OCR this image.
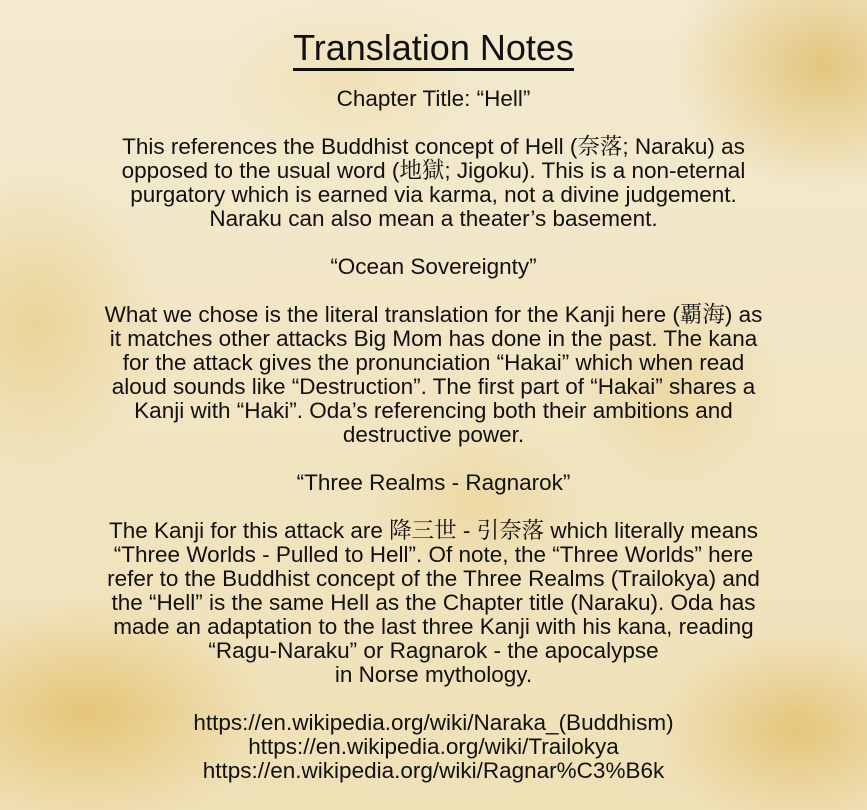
Translation Notes

Chapter Title: “Hell”

This references the Buddhist concept of Hell (奈落; Naraku) as

opposed to the usual word (地獄; Jigoku). This is a non-eternal

purgatory which is earned via karma, not a divine judgement.

Naraku can also mean a theater’s basement.

“Ocean Sovereignty”

What we chose is the literal translation for the Kanji here (覇海) as

it matches other attacks Big Mom has done in the past. The kana

for the attack gives the pronunciation “Hakai” which when read

aloud sounds like “Destruction”. The first part of “Hakai” shares a

Kanji with “Haki”. Oda’s referencing both their ambitions and

destructive power.

“Three Realms - Ragnarok”

The Kanji for this attack are 降三世 - 引奈落 which literally means

“Three Worlds - Pulled to Hell”. Of note, the “Three Worlds” here

refer to the Buddhist concept of the Three Realms (Trailokya) and

the “Hell” is the same Hell as the Chapter title (Naraku). Oda has

made an adaptation to the last three Kanji with his kana, reading

“Ragu-Naraku” or Ragnarok - the apocalypse

in Norse mythology.

https://en.wikipedia.org/wiki/Naraka_(Buddhism)

https://en.wikipedia.org/wiki/Trailokya

https://en.wikipedia.org/wiki/Ragnar%C3%B6k
